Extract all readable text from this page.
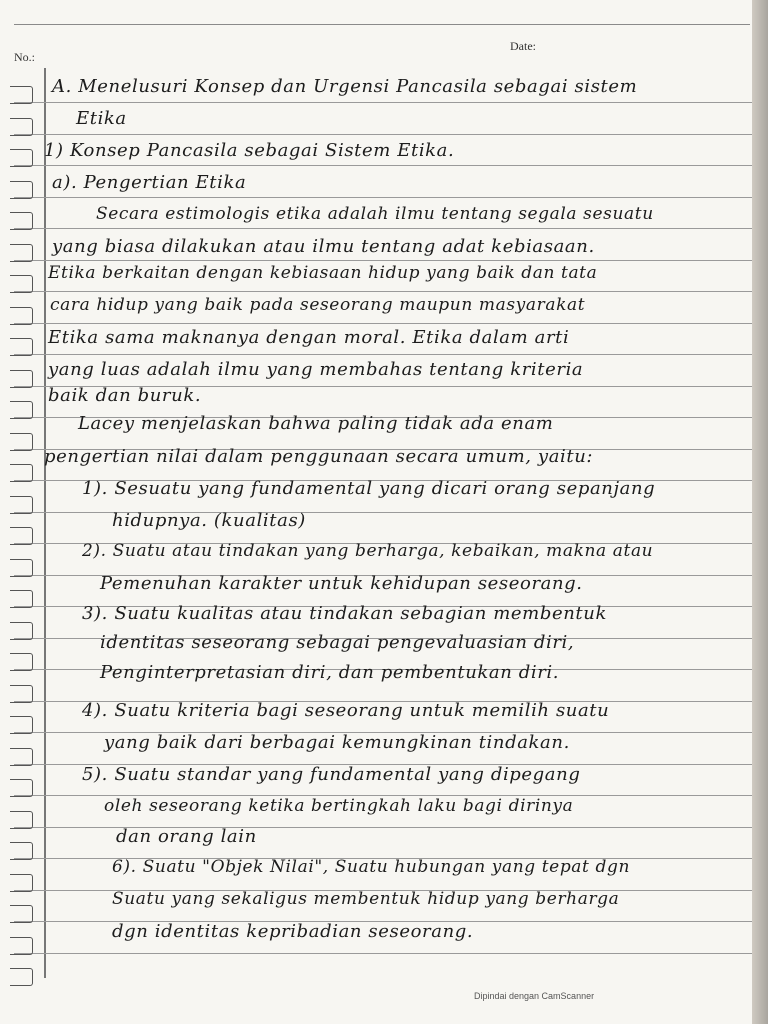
No.:
Date:
A. Menelusuri Konsep dan Urgensi Pancasila sebagai sistem
Etika
1) Konsep Pancasila sebagai Sistem Etika.
a). Pengertian Etika
Secara estimologis etika adalah ilmu tentang segala sesuatu
yang biasa dilakukan atau ilmu tentang adat kebiasaan.
Etika berkaitan dengan kebiasaan hidup yang baik dan tata
cara hidup yang baik pada seseorang maupun masyarakat
Etika sama maknanya dengan moral. Etika dalam arti
yang luas adalah ilmu yang membahas tentang kriteria
baik dan buruk.
Lacey menjelaskan bahwa paling tidak ada enam
pengertian nilai dalam penggunaan secara umum, yaitu:
1). Sesuatu yang fundamental yang dicari orang sepanjang
hidupnya. (kualitas)
2). Suatu atau tindakan yang berharga, kebaikan, makna atau
Pemenuhan karakter untuk kehidupan seseorang.
3). Suatu kualitas atau tindakan sebagian membentuk
identitas seseorang sebagai pengevaluasian diri,
Penginterpretasian diri, dan pembentukan diri.
4). Suatu kriteria bagi seseorang untuk memilih suatu
yang baik dari berbagai kemungkinan tindakan.
5). Suatu standar yang fundamental yang dipegang
oleh seseorang ketika bertingkah laku bagi dirinya
dan orang lain
6). Suatu "Objek Nilai", Suatu hubungan yang tepat dgn
Suatu yang sekaligus membentuk hidup yang berharga
dgn identitas kepribadian seseorang.
Dipindai dengan CamScanner
